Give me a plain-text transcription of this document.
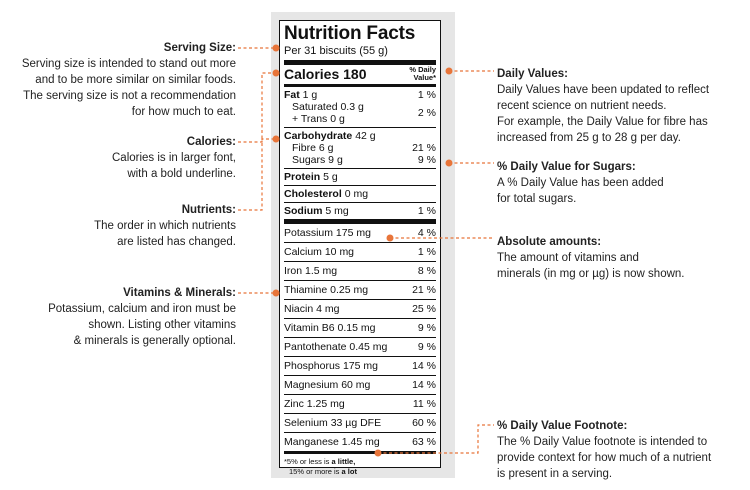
Serving Size:
Serving size is intended to stand out more
and to be more similar on similar foods.
The serving size is not a recommendation
for how much to eat.
Calories:
Calories is in larger font,
with a bold underline.
Nutrients:
The order in which nutrients
are listed has changed.
Vitamins & Minerals:
Potassium, calcium and iron must be
shown. Listing other vitamins
& minerals is generally optional.
Daily Values:
Daily Values have been updated to reflect
recent science on nutrient needs.
For example, the Daily Value for fibre has
increased from 25 g to 28 g per day.
% Daily Value for Sugars:
A % Daily Value has been added
for total sugars.
Absolute amounts:
The amount of vitamins and
minerals (in mg or µg) is now shown.
% Daily Value Footnote:
The % Daily Value footnote is intended to
provide context for how much of a nutrient
is present in a serving.
Nutrition Facts
Per 31 biscuits (55 g)
Calories 180	% Daily
Value*
Fat 1 g	1 %
Saturated 0.3 g
+ Trans 0 g	2 %
Carbohydrate 42 g
Fibre 6 g	21 %
Sugars 9 g	9 %
Protein 5 g
Cholesterol 0 mg
Sodium 5 mg	1 %
Potassium 175 mg	4 %
Calcium 10 mg	1 %
Iron 1.5 mg	8 %
Thiamine 0.25 mg	21 %
Niacin 4 mg	25 %
Vitamin B6 0.15 mg	9 %
Pantothenate 0.45 mg	9 %
Phosphorus 175 mg	14 %
Magnesium 60 mg	14 %
Zinc 1.25 mg	11 %
Selenium 33 µg DFE	60 %
Manganese 1.45 mg	63 %
*5% or less is a little,
15% or more is a lot
